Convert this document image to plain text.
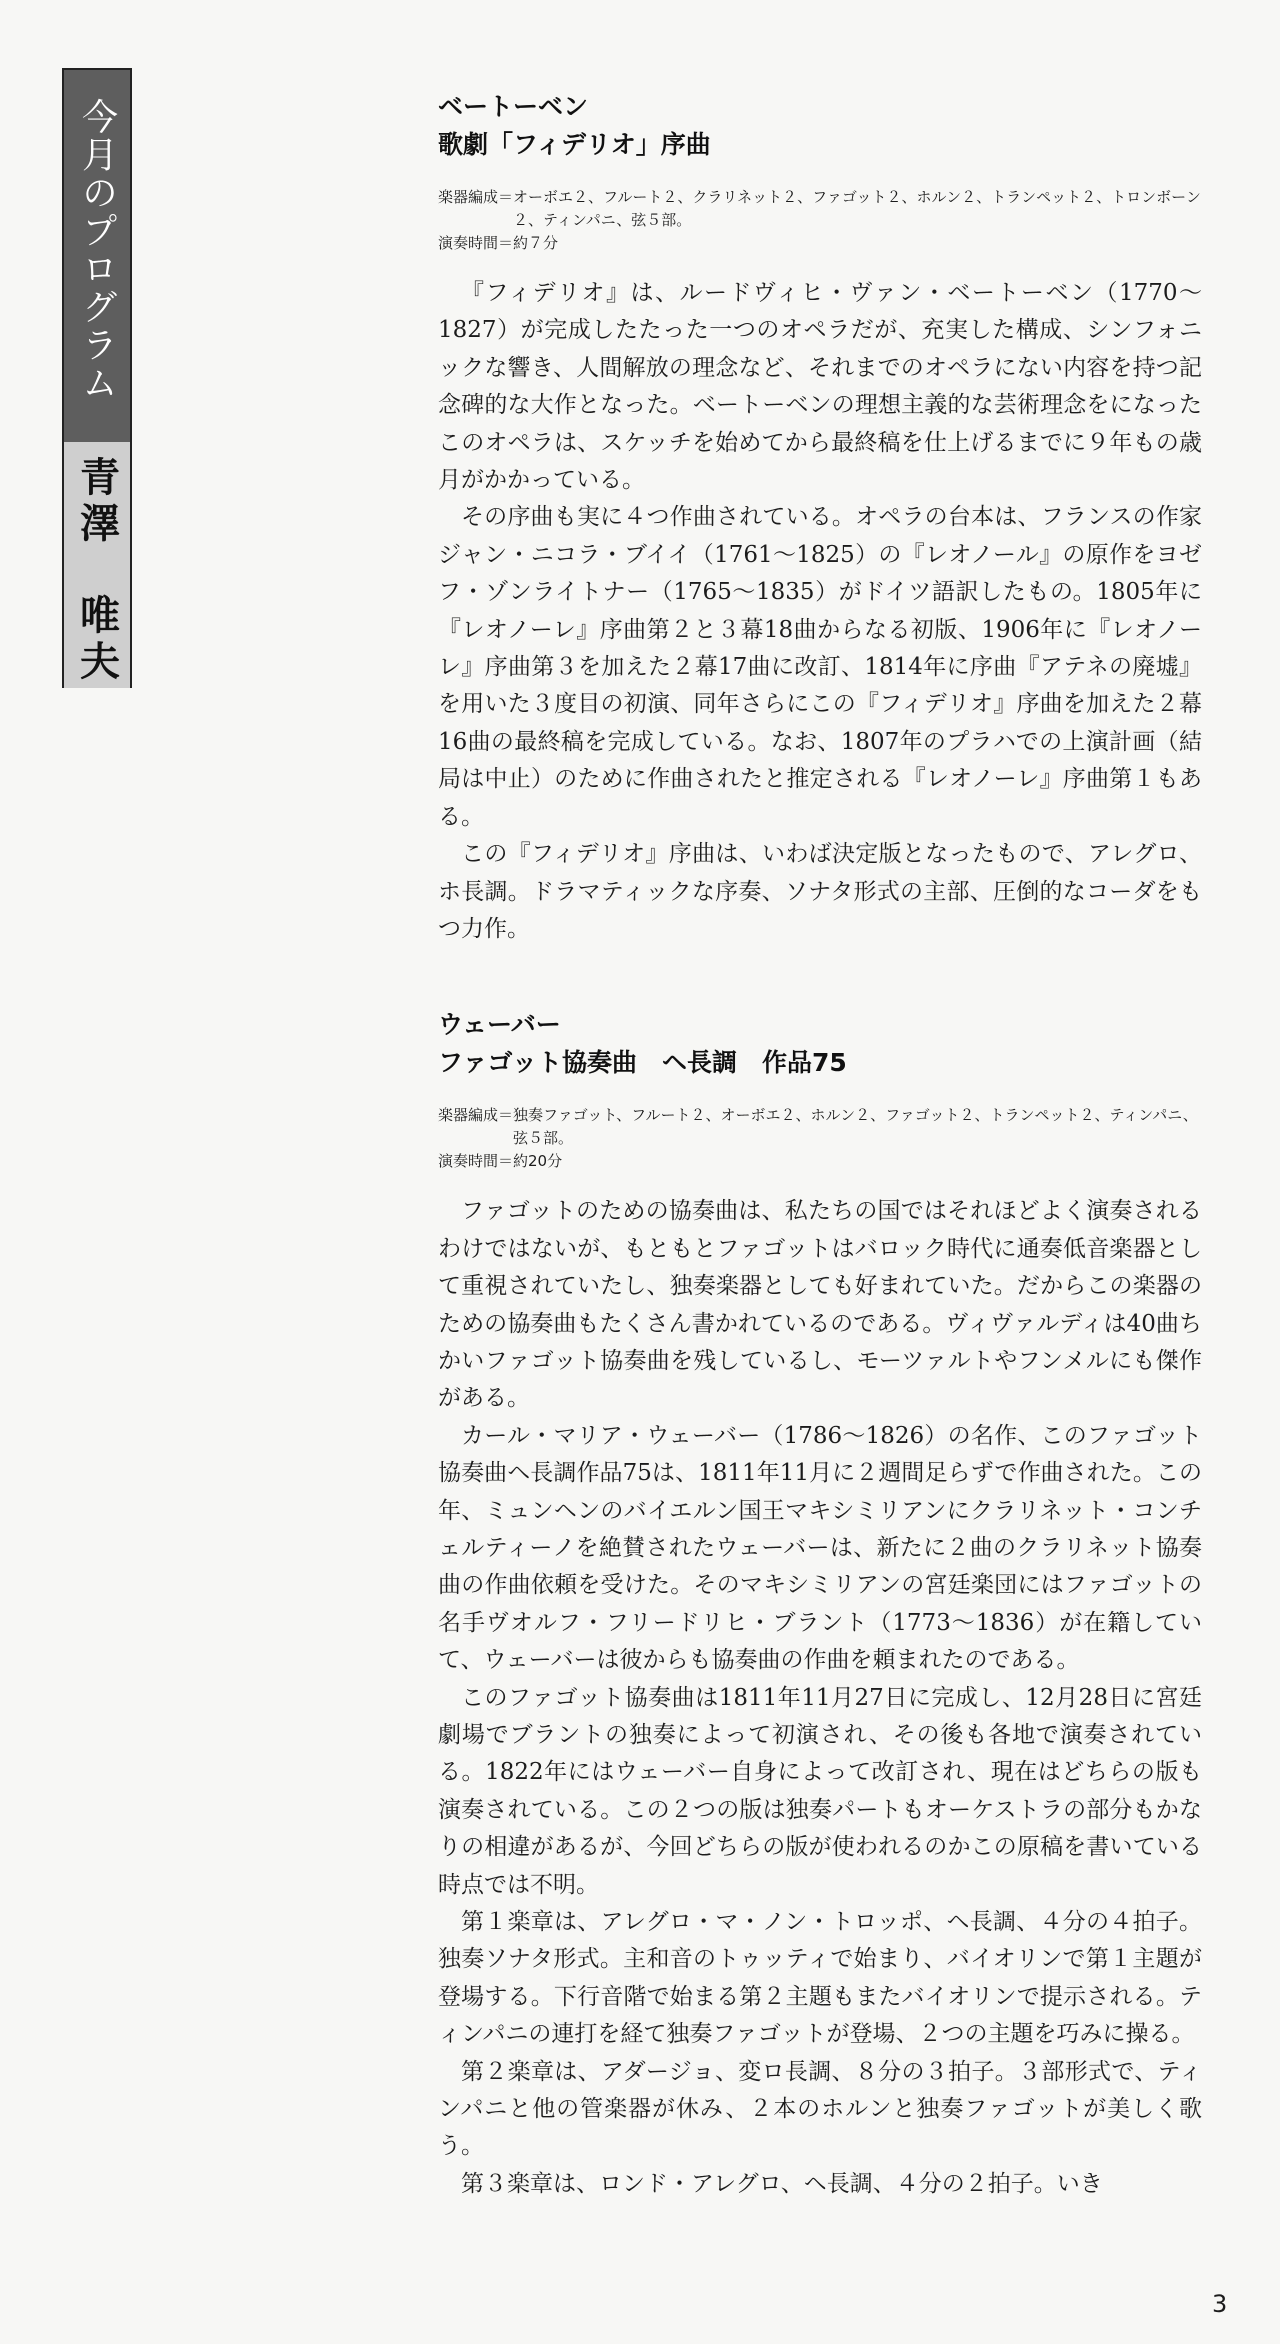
今月のプログラム
青澤　唯夫
ベートーベン
歌劇「フィデリオ」序曲
楽器編成＝ オーボエ２、フルート２、クラリネット２、ファゴット２、ホルン２、トランペット２、トロンボーン２、ティンパニ、弦５部。
演奏時間＝ 約７分

『フィデリオ』は、ルードヴィヒ・ヴァン・ベートーベン（1770～1827）が完成したたった一つのオペラだが、充実した構成、シンフォニックな響き、人間解放の理念など、それまでのオペラにない内容を持つ記念碑的な大作となった。ベートーベンの理想主義的な芸術理念をになったこのオペラは、スケッチを始めてから最終稿を仕上げるまでに９年もの歳月がかかっている。

その序曲も実に４つ作曲されている。オペラの台本は、フランスの作家ジャン・ニコラ・ブイイ（1761～1825）の『レオノール』の原作をヨゼフ・ゾンライトナー（1765～1835）がドイツ語訳したもの。1805年に『レオノーレ』序曲第２と３幕18曲からなる初版、1906年に『レオノーレ』序曲第３を加えた２幕17曲に改訂、1814年に序曲『アテネの廃墟』を用いた３度目の初演、同年さらにこの『フィデリオ』序曲を加えた２幕16曲の最終稿を完成している。なお、1807年のプラハでの上演計画（結局は中止）のために作曲されたと推定される『レオノーレ』序曲第１もある。

この『フィデリオ』序曲は、いわば決定版となったもので、アレグロ、ホ長調。ドラマティックな序奏、ソナタ形式の主部、圧倒的なコーダをもつ力作。

ウェーバー
ファゴット協奏曲　ヘ長調　作品75
楽器編成＝ 独奏ファゴット、フルート２、オーボエ２、ホルン２、ファゴット２、トランペット２、ティンパニ、弦５部。
演奏時間＝ 約20分

ファゴットのための協奏曲は、私たちの国ではそれほどよく演奏されるわけではないが、もともとファゴットはバロック時代に通奏低音楽器として重視されていたし、独奏楽器としても好まれていた。だからこの楽器のための協奏曲もたくさん書かれているのである。ヴィヴァルディは40曲ちかいファゴット協奏曲を残しているし、モーツァルトやフンメルにも傑作がある。

カール・マリア・ウェーバー（1786～1826）の名作、このファゴット協奏曲ヘ長調作品75は、1811年11月に２週間足らずで作曲された。この年、ミュンヘンのバイエルン国王マキシミリアンにクラリネット・コンチェルティーノを絶賛されたウェーバーは、新たに２曲のクラリネット協奏曲の作曲依頼を受けた。そのマキシミリアンの宮廷楽団にはファゴットの名手ヴオルフ・フリードリヒ・ブラント（1773～1836）が在籍していて、ウェーバーは彼からも協奏曲の作曲を頼まれたのである。

このファゴット協奏曲は1811年11月27日に完成し、12月28日に宮廷劇場でブラントの独奏によって初演され、その後も各地で演奏されている。1822年にはウェーバー自身によって改訂され、現在はどちらの版も演奏されている。この２つの版は独奏パートもオーケストラの部分もかなりの相違があるが、今回どちらの版が使われるのかこの原稿を書いている時点では不明。

第１楽章は、アレグロ・マ・ノン・トロッポ、ヘ長調、４分の４拍子。独奏ソナタ形式。主和音のトゥッティで始まり、バイオリンで第１主題が登場する。下行音階で始まる第２主題もまたバイオリンで提示される。ティンパニの連打を経て独奏ファゴットが登場、２つの主題を巧みに操る。

第２楽章は、アダージョ、変ロ長調、８分の３拍子。３部形式で、ティンパニと他の管楽器が休み、２本のホルンと独奏ファゴットが美しく歌う。

第３楽章は、ロンド・アレグロ、ヘ長調、４分の２拍子。いき

3
